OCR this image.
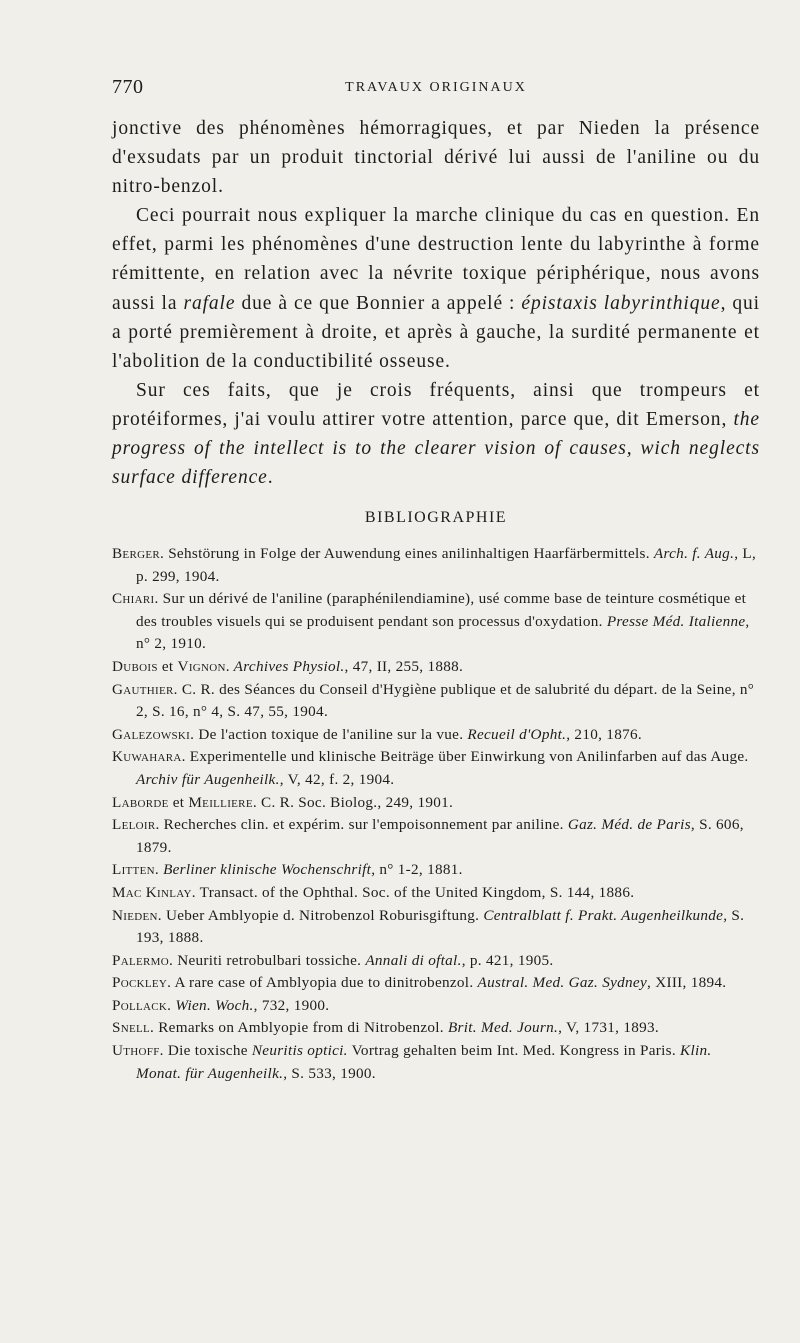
770	TRAVAUX ORIGINAUX

jonctive des phénomènes hémorragiques, et par Nieden la présence d'exsudats par un produit tinctorial dérivé lui aussi de l'aniline ou du nitro-benzol.

Ceci pourrait nous expliquer la marche clinique du cas en question. En effet, parmi les phénomènes d'une destruction lente du labyrinthe à forme rémittente, en relation avec la névrite toxique périphérique, nous avons aussi la rafale due à ce que Bonnier a appelé : épistaxis labyrinthique, qui a porté premièrement à droite, et après à gauche, la surdité permanente et l'abolition de la conductibilité osseuse.

Sur ces faits, que je crois fréquents, ainsi que trompeurs et protéiformes, j'ai voulu attirer votre attention, parce que, dit Emerson, the progress of the intellect is to the clearer vision of causes, wich neglects surface difference.

BIBLIOGRAPHIE

Berger. Sehstörung in Folge der Auwendung eines anilinhaltigen Haarfärbermittels. Arch. f. Aug., L, p. 299, 1904.

Chiari. Sur un dérivé de l'aniline (paraphénilendiamine), usé comme base de teinture cosmétique et des troubles visuels qui se produisent pendant son processus d'oxydation. Presse Méd. Italienne, n° 2, 1910.

Dubois et Vignon. Archives Physiol., 47, II, 255, 1888.

Gauthier. C. R. des Séances du Conseil d'Hygiène publique et de salubrité du départ. de la Seine, n° 2, S. 16, n° 4, S. 47, 55, 1904.

Galezowski. De l'action toxique de l'aniline sur la vue. Recueil d'Opht., 210, 1876.

Kuwahara. Experimentelle und klinische Beiträge über Einwirkung von Anilinfarben auf das Auge. Archiv für Augenheilk., V, 42, f. 2, 1904.

Laborde et Meilliere. C. R. Soc. Biolog., 249, 1901.

Leloir. Recherches clin. et expérim. sur l'empoisonnement par aniline. Gaz. Méd. de Paris, S. 606, 1879.

Litten. Berliner klinische Wochenschrift, n° 1-2, 1881.

Mac Kinlay. Transact. of the Ophthal. Soc. of the United Kingdom, S. 144, 1886.

Nieden. Ueber Amblyopie d. Nitrobenzol Roburisgiftung. Centralblatt f. Prakt. Augenheilkunde, S. 193, 1888.

Palermo. Neuriti retrobulbari tossiche. Annali di oftal., p. 421, 1905.

Pockley. A rare case of Amblyopia due to dinitrobenzol. Austral. Med. Gaz. Sydney, XIII, 1894.

Pollack. Wien. Woch., 732, 1900.

Snell. Remarks on Amblyopie from di Nitrobenzol. Brit. Med. Journ., V, 1731, 1893.

Uthoff. Die toxische Neuritis optici. Vortrag gehalten beim Int. Med. Kongress in Paris. Klin. Monat. für Augenheilk., S. 533, 1900.
